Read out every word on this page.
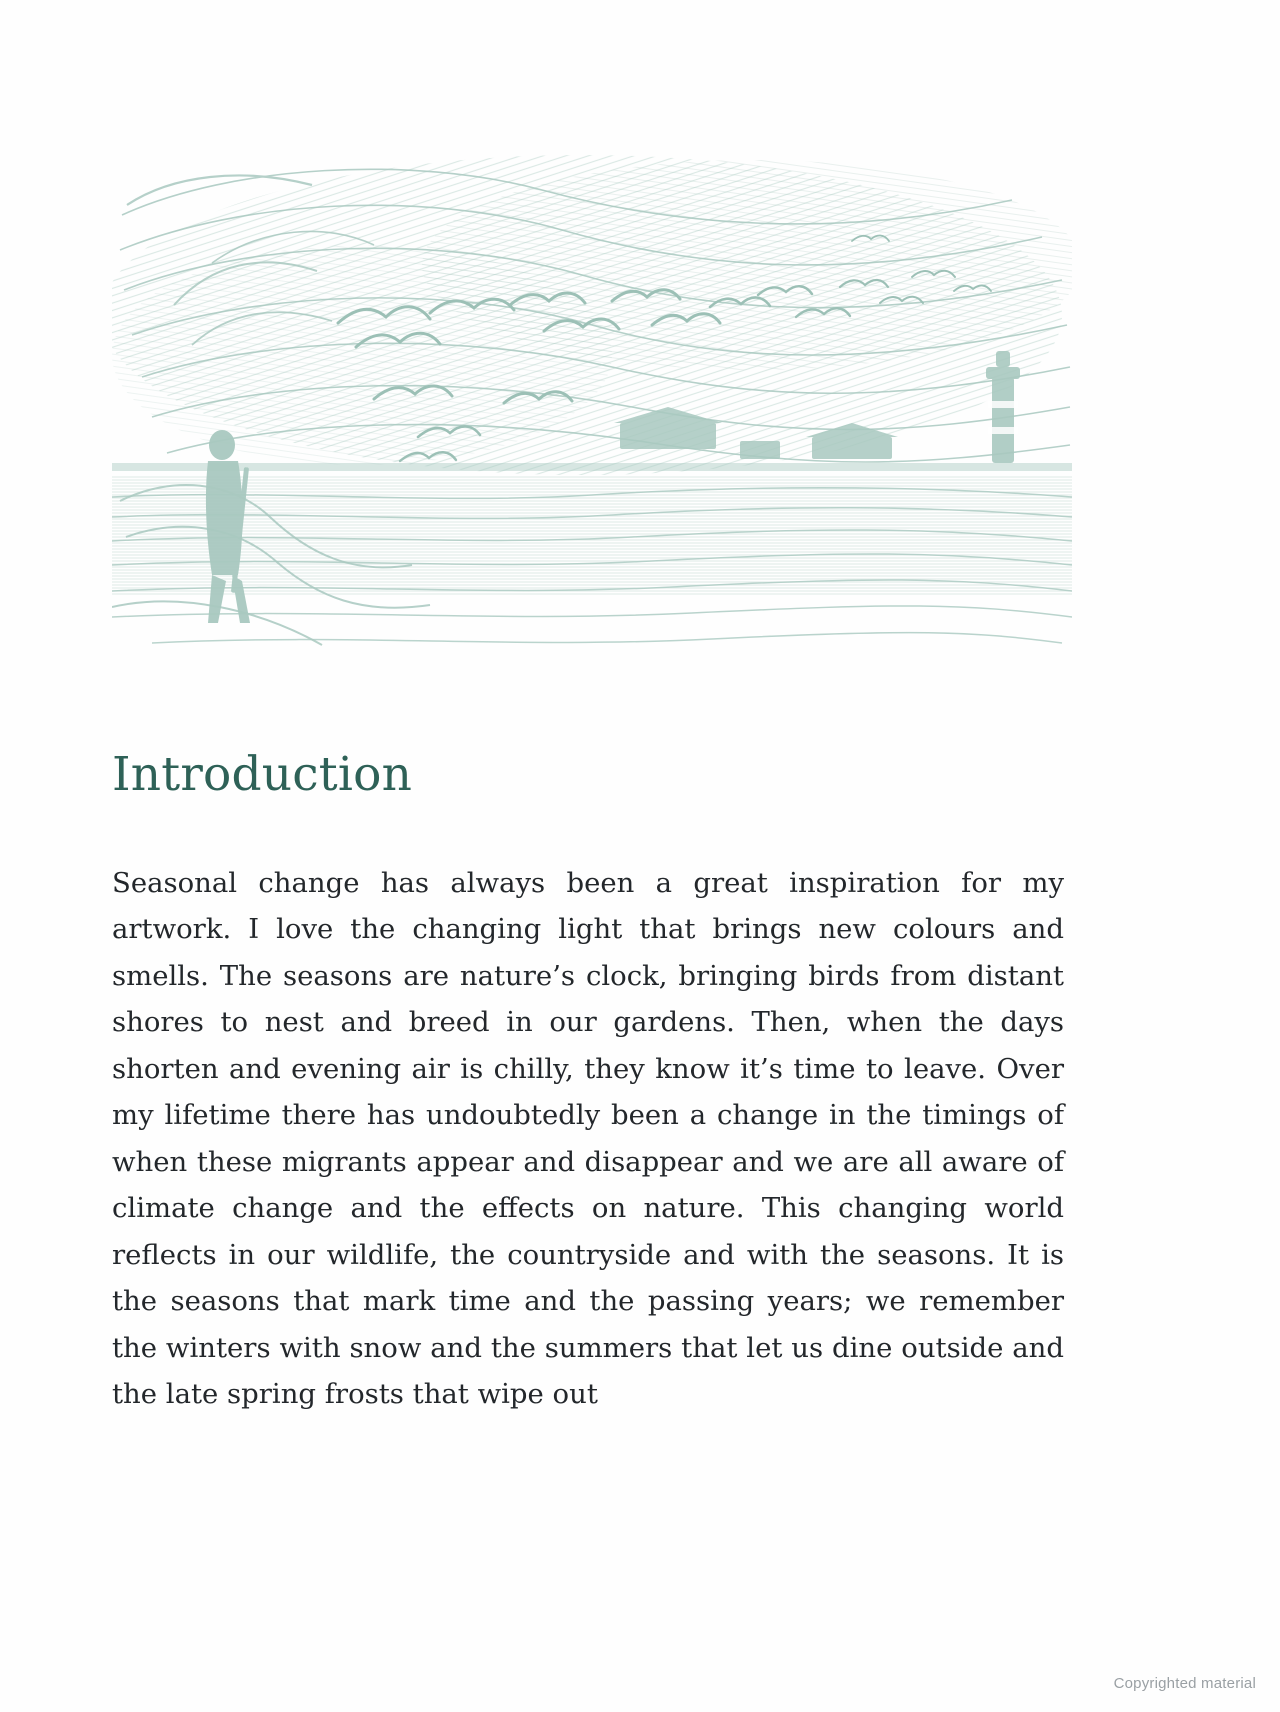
Introduction

Seasonal change has always been a great inspiration for my artwork. I love the changing light that brings new colours and smells. The seasons are nature’s clock, bringing birds from distant shores to nest and breed in our gardens. Then, when the days shorten and evening air is chilly, they know it’s time to leave. Over my lifetime there has undoubtedly been a change in the timings of when these migrants appear and disappear and we are all aware of climate change and the effects on nature. This changing world reflects in our wildlife, the countryside and with the seasons. It is the seasons that mark time and the passing years; we remember the winters with snow and the summers that let us dine outside and the late spring frosts that wipe out

Copyrighted material
